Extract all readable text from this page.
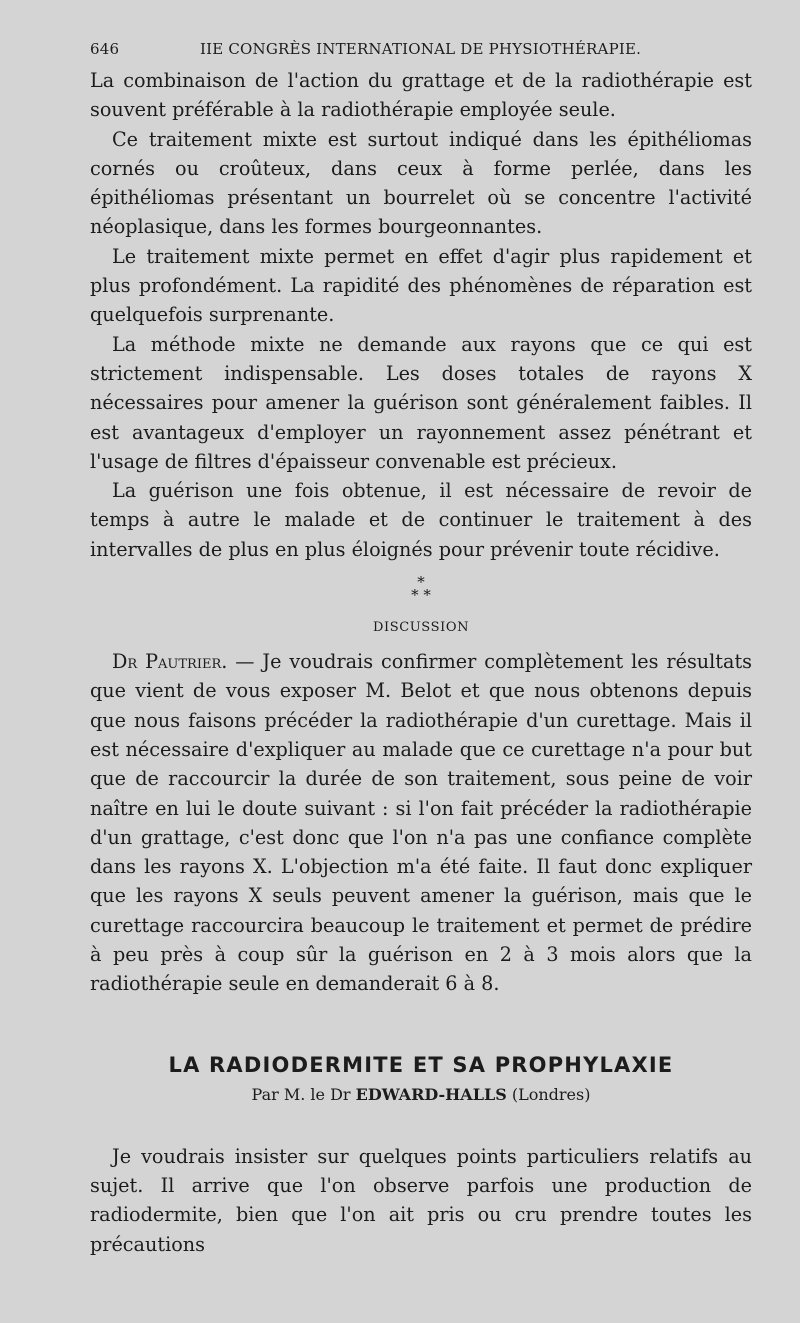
646	IIE CONGRÈS INTERNATIONAL DE PHYSIOTHÉRAPIE.

La combinaison de l'action du grattage et de la radiothérapie est souvent préférable à la radiothérapie employée seule.

Ce traitement mixte est surtout indiqué dans les épithéliomas cornés ou croûteux, dans ceux à forme perlée, dans les épithéliomas présentant un bourrelet où se concentre l'activité néoplasique, dans les formes bourgeonnantes.

Le traitement mixte permet en effet d'agir plus rapidement et plus profondément. La rapidité des phénomènes de réparation est quelquefois surprenante.

La méthode mixte ne demande aux rayons que ce qui est strictement indispensable. Les doses totales de rayons X nécessaires pour amener la guérison sont généralement faibles. Il est avantageux d'employer un rayonnement assez pénétrant et l'usage de filtres d'épaisseur convenable est précieux.

La guérison une fois obtenue, il est nécessaire de revoir de temps à autre le malade et de continuer le traitement à des intervalles de plus en plus éloignés pour prévenir toute récidive.

*
* *
DISCUSSION

Dr Pautrier. — Je voudrais confirmer complètement les résultats que vient de vous exposer M. Belot et que nous obtenons depuis que nous faisons précéder la radiothérapie d'un curettage. Mais il est nécessaire d'expliquer au malade que ce curettage n'a pour but que de raccourcir la durée de son traitement, sous peine de voir naître en lui le doute suivant : si l'on fait précéder la radiothérapie d'un grattage, c'est donc que l'on n'a pas une confiance complète dans les rayons X. L'objection m'a été faite. Il faut donc expliquer que les rayons X seuls peuvent amener la guérison, mais que le curettage raccourcira beaucoup le traitement et permet de prédire à peu près à coup sûr la guérison en 2 à 3 mois alors que la radiothérapie seule en demanderait 6 à 8.

LA RADIODERMITE ET SA PROPHYLAXIE
Par M. le Dr EDWARD-HALLS (Londres)

Je voudrais insister sur quelques points particuliers relatifs au sujet. Il arrive que l'on observe parfois une production de radiodermite, bien que l'on ait pris ou cru prendre toutes les précautions
